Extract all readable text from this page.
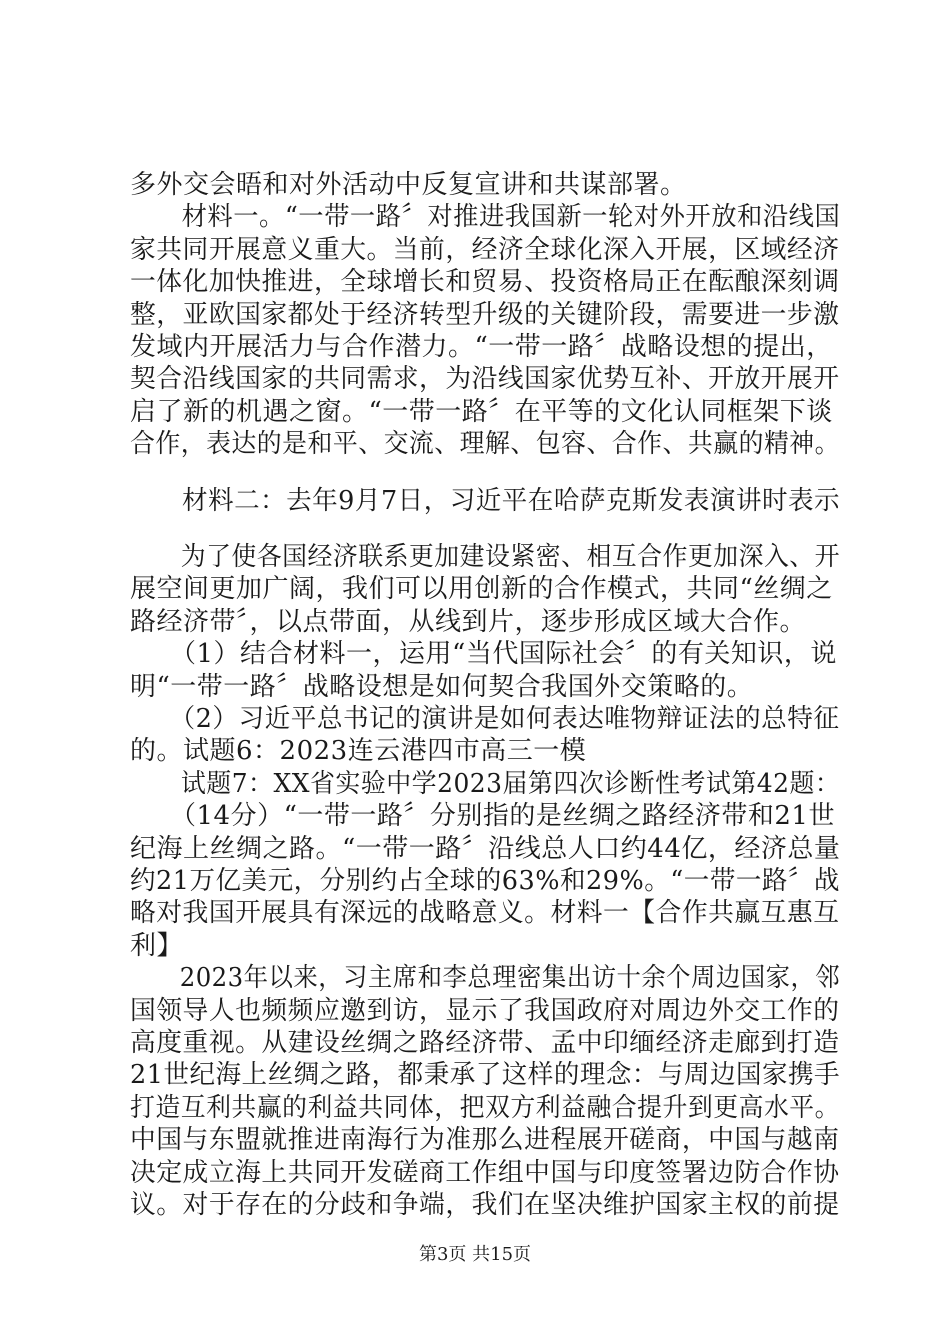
多外交会晤和对外活动中反复宣讲和共谋部署。
　　材料一。“一带一路〞对推进我国新一轮对外开放和沿线国
家共同开展意义重大。当前，经济全球化深入开展，区域经济
一体化加快推进，全球增长和贸易、投资格局正在酝酿深刻调
整，亚欧国家都处于经济转型升级的关键阶段，需要进一步激
发域内开展活力与合作潜力。“一带一路〞战略设想的提出，
契合沿线国家的共同需求，为沿线国家优势互补、开放开展开
启了新的机遇之窗。“一带一路〞在平等的文化认同框架下谈
合作，表达的是和平、交流、理解、包容、合作、共赢的精神。
　　材料二：去年9月7日，习近平在哈萨克斯发表演讲时表示
　　为了使各国经济联系更加建设紧密、相互合作更加深入、开
展空间更加广阔，我们可以用创新的合作模式，共同“丝绸之
路经济带〞，以点带面，从线到片，逐步形成区域大合作。
　　（1）结合材料一，运用“当代国际社会〞的有关知识，说
明“一带一路〞战略设想是如何契合我国外交策略的。
　　（2）习近平总书记的演讲是如何表达唯物辩证法的总特征
的。试题6：2023连云港四市高三一模
　　试题7：XX省实验中学2023届第四次诊断性考试第42题：
　　（14分）“一带一路〞分别指的是丝绸之路经济带和21世
纪海上丝绸之路。“一带一路〞沿线总人口约44亿，经济总量
约21万亿美元，分别约占全球的63%和29%。“一带一路〞战
略对我国开展具有深远的战略意义。材料一【合作共赢互惠互
利】
　　2023年以来，习主席和李总理密集出访十余个周边国家，邻
国领导人也频频应邀到访，显示了我国政府对周边外交工作的
高度重视。从建设丝绸之路经济带、孟中印缅经济走廊到打造
21世纪海上丝绸之路，都秉承了这样的理念：与周边国家携手
打造互利共赢的利益共同体，把双方利益融合提升到更高水平。
中国与东盟就推进南海行为准那么进程展开磋商，中国与越南
决定成立海上共同开发磋商工作组中国与印度签署边防合作协
议。对于存在的分歧和争端，我们在坚决维护国家主权的前提
第3页 共15页
